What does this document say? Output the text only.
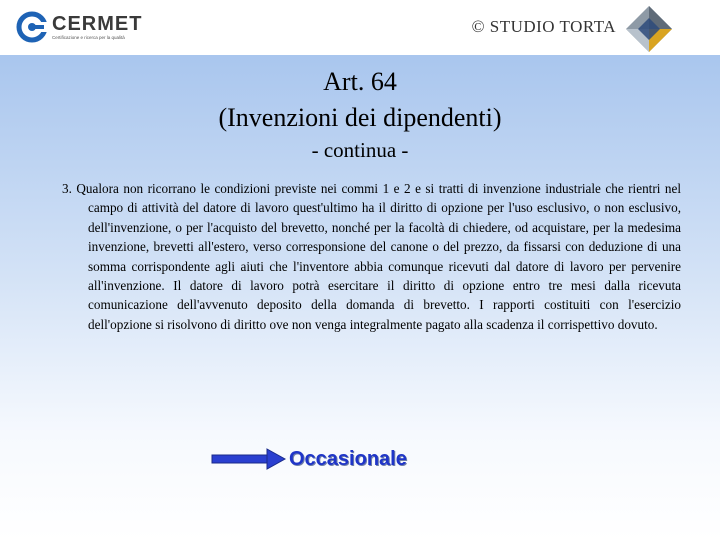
CERMET
Certificazione e ricerca per la qualità
© STUDIO TORTA
Art. 64
(Invenzioni dei dipendenti)
- continua -
3. Qualora non ricorrano le condizioni previste nei commi 1 e 2 e si tratti di invenzione industriale che rientri nel campo di attività del datore di lavoro quest'ultimo ha il diritto di opzione per l'uso esclusivo, o non esclusivo, dell'invenzione, o per l'acquisto del brevetto, nonché per la facoltà di chiedere, od acquistare, per la medesima invenzione, brevetti all'estero, verso corresponsione del canone o del prezzo, da fissarsi con deduzione di una somma corrispondente agli aiuti che l'inventore abbia comunque ricevuti dal datore di lavoro per pervenire all'invenzione. Il datore di lavoro potrà esercitare il diritto di opzione entro tre mesi dalla ricevuta comunicazione dell'avvenuto deposito della domanda di brevetto. I rapporti costituiti con l'esercizio dell'opzione si risolvono di diritto ove non venga integralmente pagato alla scadenza il corrispettivo dovuto.
Occasionale
